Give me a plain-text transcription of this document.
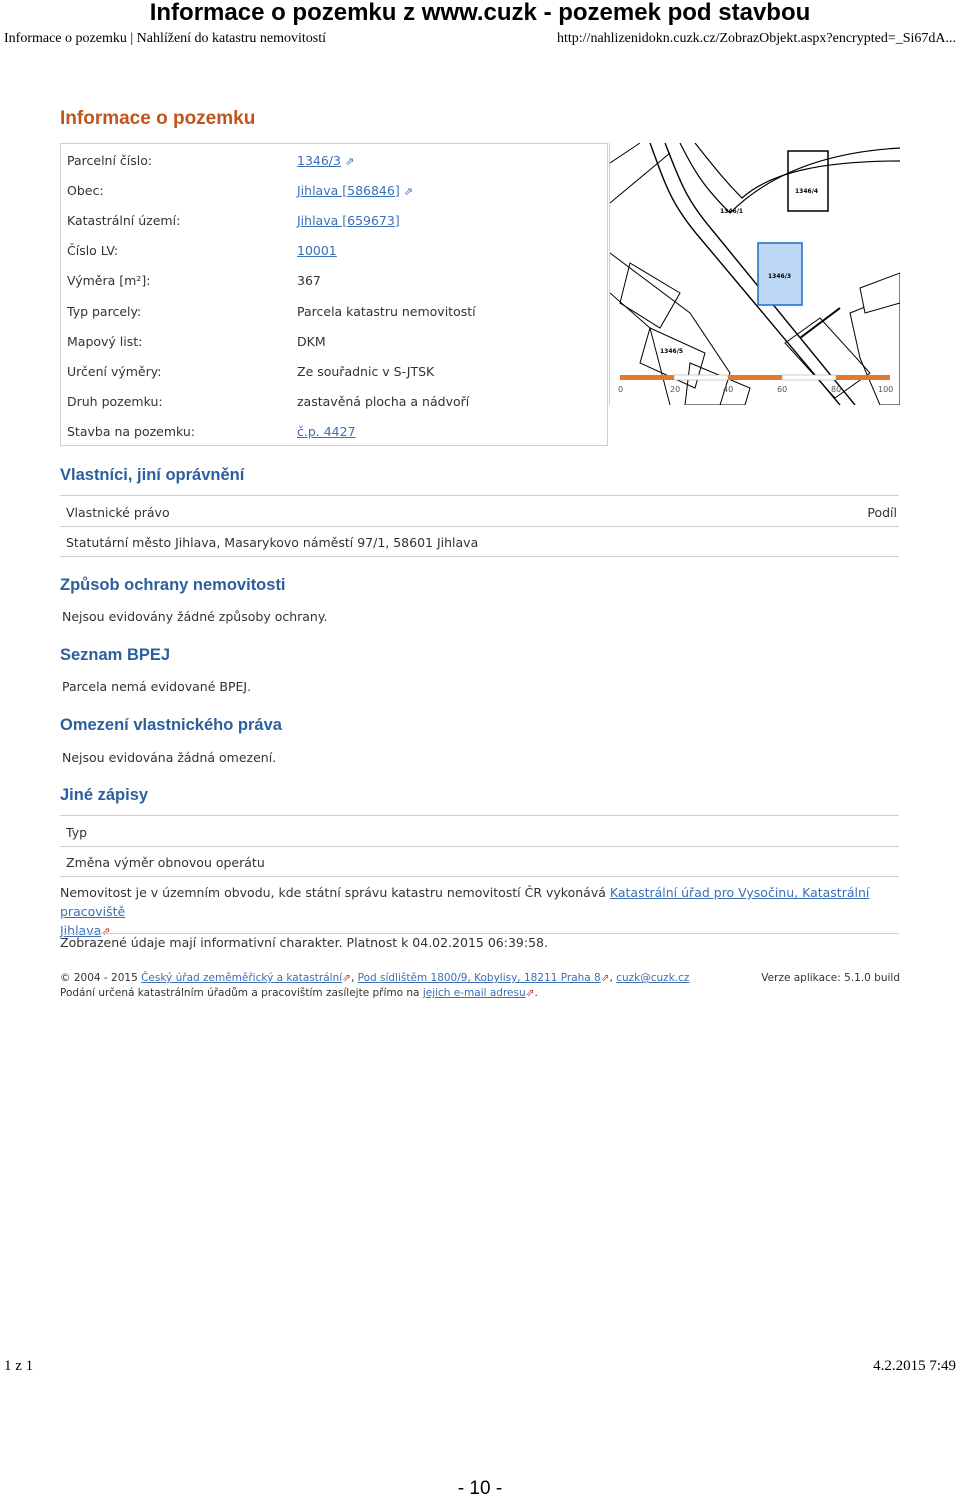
Informace o pozemku z www.cuzk - pozemek pod stavbou
Informace o pozemku | Nahlížení do katastru nemovitostí	http://nahlizenidokn.cuzk.cz/ZobrazObjekt.aspx?encrypted=_Si67dA...
Informace o pozemku
Parcelní číslo:	1346/3 ⇗
Obec:	Jihlava [586846] ⇗
Katastrální území:	Jihlava [659673]
Číslo LV:	10001
Výměra [m²]:	367
Typ parcely:	Parcela katastru nemovitostí
Mapový list:	DKM
Určení výměry:	Ze souřadnic v S-JTSK
Druh pozemku:	zastavěná plocha a nádvoří
Stavba na pozemku:	č.p. 4427
1346/1
1346/3
1346/4
1346/5
0	20	40	60	80	100
Vlastníci, jiní oprávnění
Vlastnické právo	Podíl
Statutární město Jihlava, Masarykovo náměstí 97/1, 58601 Jihlava
Způsob ochrany nemovitosti
Nejsou evidovány žádné způsoby ochrany.
Seznam BPEJ
Parcela nemá evidované BPEJ.
Omezení vlastnického práva
Nejsou evidována žádná omezení.
Jiné zápisy
Typ
Změna výměr obnovou operátu
Nemovitost je v územním obvodu, kde státní správu katastru nemovitostí ČR vykonává Katastrální úřad pro Vysočinu, Katastrální pracoviště
Jihlava⇗
Zobrazené údaje mají informativní charakter. Platnost k 04.02.2015 06:39:58.
© 2004 - 2015 Český úřad zeměměřický a katastrální⇗, Pod sídlištěm 1800/9, Kobylisy, 18211 Praha 8⇗, cuzk@cuzk.cz	Verze aplikace: 5.1.0 build
Podání určená katastrálním úřadům a pracovištím zasílejte přímo na jejich e-mail adresu⇗.
1 z 1	4.2.2015 7:49
- 10 -
